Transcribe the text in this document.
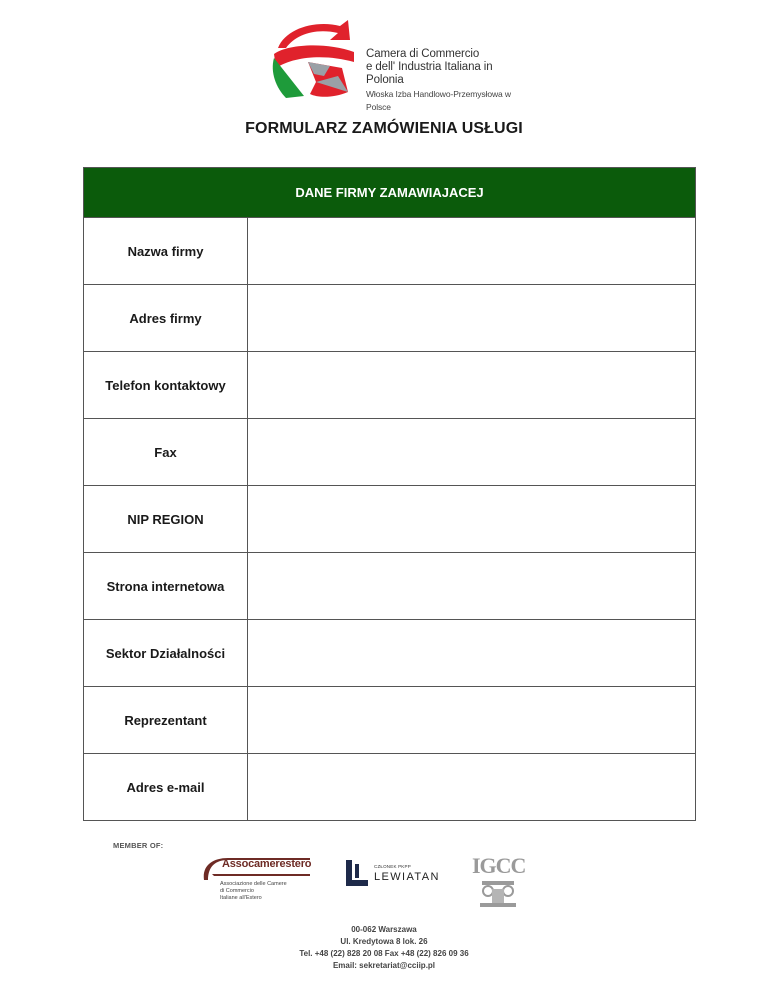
Camera di Commercio
e dell' Industria Italiana in Polonia
Włoska Izba Handlowo-Przemysłowa w Polsce
FORMULARZ ZAMÓWIENIA USŁUGI
DANE FIRMY ZAMAWIAJACEJ	
Nazwa firmy	
Adres firmy	
Telefon kontaktowy	
Fax	
NIP REGION	
Strona internetowa	
Sektor Działalności	
Reprezentant	
Adres e-mail	
MEMBER OF:
Assocamerestero
Associazione delle Camere
di Commercio
Italiane all'Estero
CZŁONEK PKPP
LEWIATAN IGCC
00-062 Warszawa
Ul. Kredytowa 8 lok. 26
Tel. +48 (22) 828 20 08 Fax +48 (22) 826 09 36
Email: sekretariat@cciip.pl
